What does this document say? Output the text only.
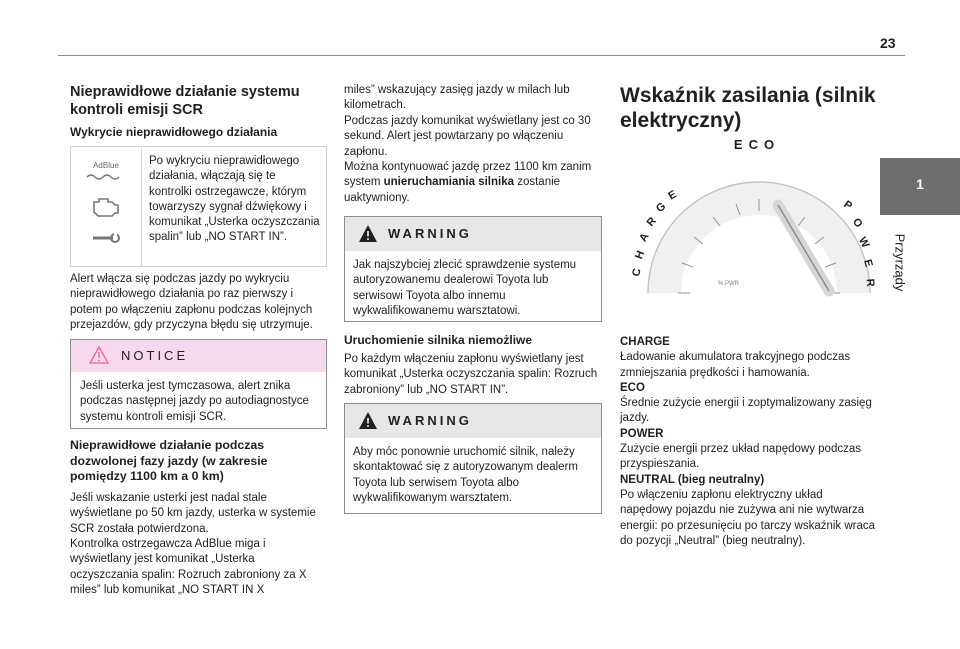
23
1
Przyrządy

Nieprawidłowe działanie systemu kontroli emisji SCR

Wykrycie nieprawidłowego działania

AdBlue	Po wykryciu nieprawidłowego działania, włączają się te kontrolki ostrzegawcze, którym towarzyszy sygnał dźwiękowy i komunikat „Usterka oczyszczania spalin” lub „NO START IN”.

Alert włącza się podczas jazdy po wykryciu nieprawidłowego działania po raz pierwszy i potem po włączeniu zapłonu podczas kolejnych przejazdów, gdy przyczyna błędu się utrzymuje.

NOTICE

Jeśli usterka jest tymczasowa, alert znika podczas następnej jazdy po autodiagnostyce systemu kontroli emisji SCR.

Nieprawidłowe działanie podczas dozwolonej fazy jazdy (w zakresie pomiędzy 1100 km a 0 km)

Jeśli wskazanie usterki jest nadal stale wyświetlane po 50 km jazdy, usterka w systemie SCR została potwierdzona.

Kontrolka ostrzegawcza AdBlue miga i wyświetlany jest komunikat „Usterka oczyszczania spalin: Rozruch zabroniony za X miles” lub komunikat „NO START IN X

miles” wskazujący zasięg jazdy w milach lub kilometrach.

Podczas jazdy komunikat wyświetlany jest co 30 sekund. Alert jest powtarzany po włączeniu zapłonu.

Można kontynuować jazdę przez 1100 km zanim system unieruchamiania silnika zostanie uaktywniony.

WARNING

Jak najszybciej zlecić sprawdzenie systemu autoryzowanemu dealerowi Toyota lub serwisowi Toyota albo innemu wykwalifikowanemu warsztatowi.

Uruchomienie silnika niemożliwe

Po każdym włączeniu zapłonu wyświetlany jest komunikat „Usterka oczyszczania spalin: Rozruch zabroniony” lub „NO START IN”.

WARNING

Aby móc ponownie uruchomić silnik, należy skontaktować się z autoryzowanym dealerm Toyota lub serwisem Toyota albo wykwalifikowanym warsztatem.

Wskaźnik zasilania (silnik elektryczny)

ECO
C
H
A
R
G
E
P
O
W
E
R
% PWR

CHARGE

Ładowanie akumulatora trakcyjnego podczas zmniejszania prędkości i hamowania.

ECO

Średnie zużycie energii i zoptymalizowany zasięg jazdy.

POWER

Zużycie energii przez układ napędowy podczas przyspieszania.

NEUTRAL (bieg neutralny)

Po włączeniu zapłonu elektryczny układ napędowy pojazdu nie zużywa ani nie wytwarza energii: po przesunięciu po tarczy wskaźnik wraca do pozycji „Neutral” (bieg neutralny).
